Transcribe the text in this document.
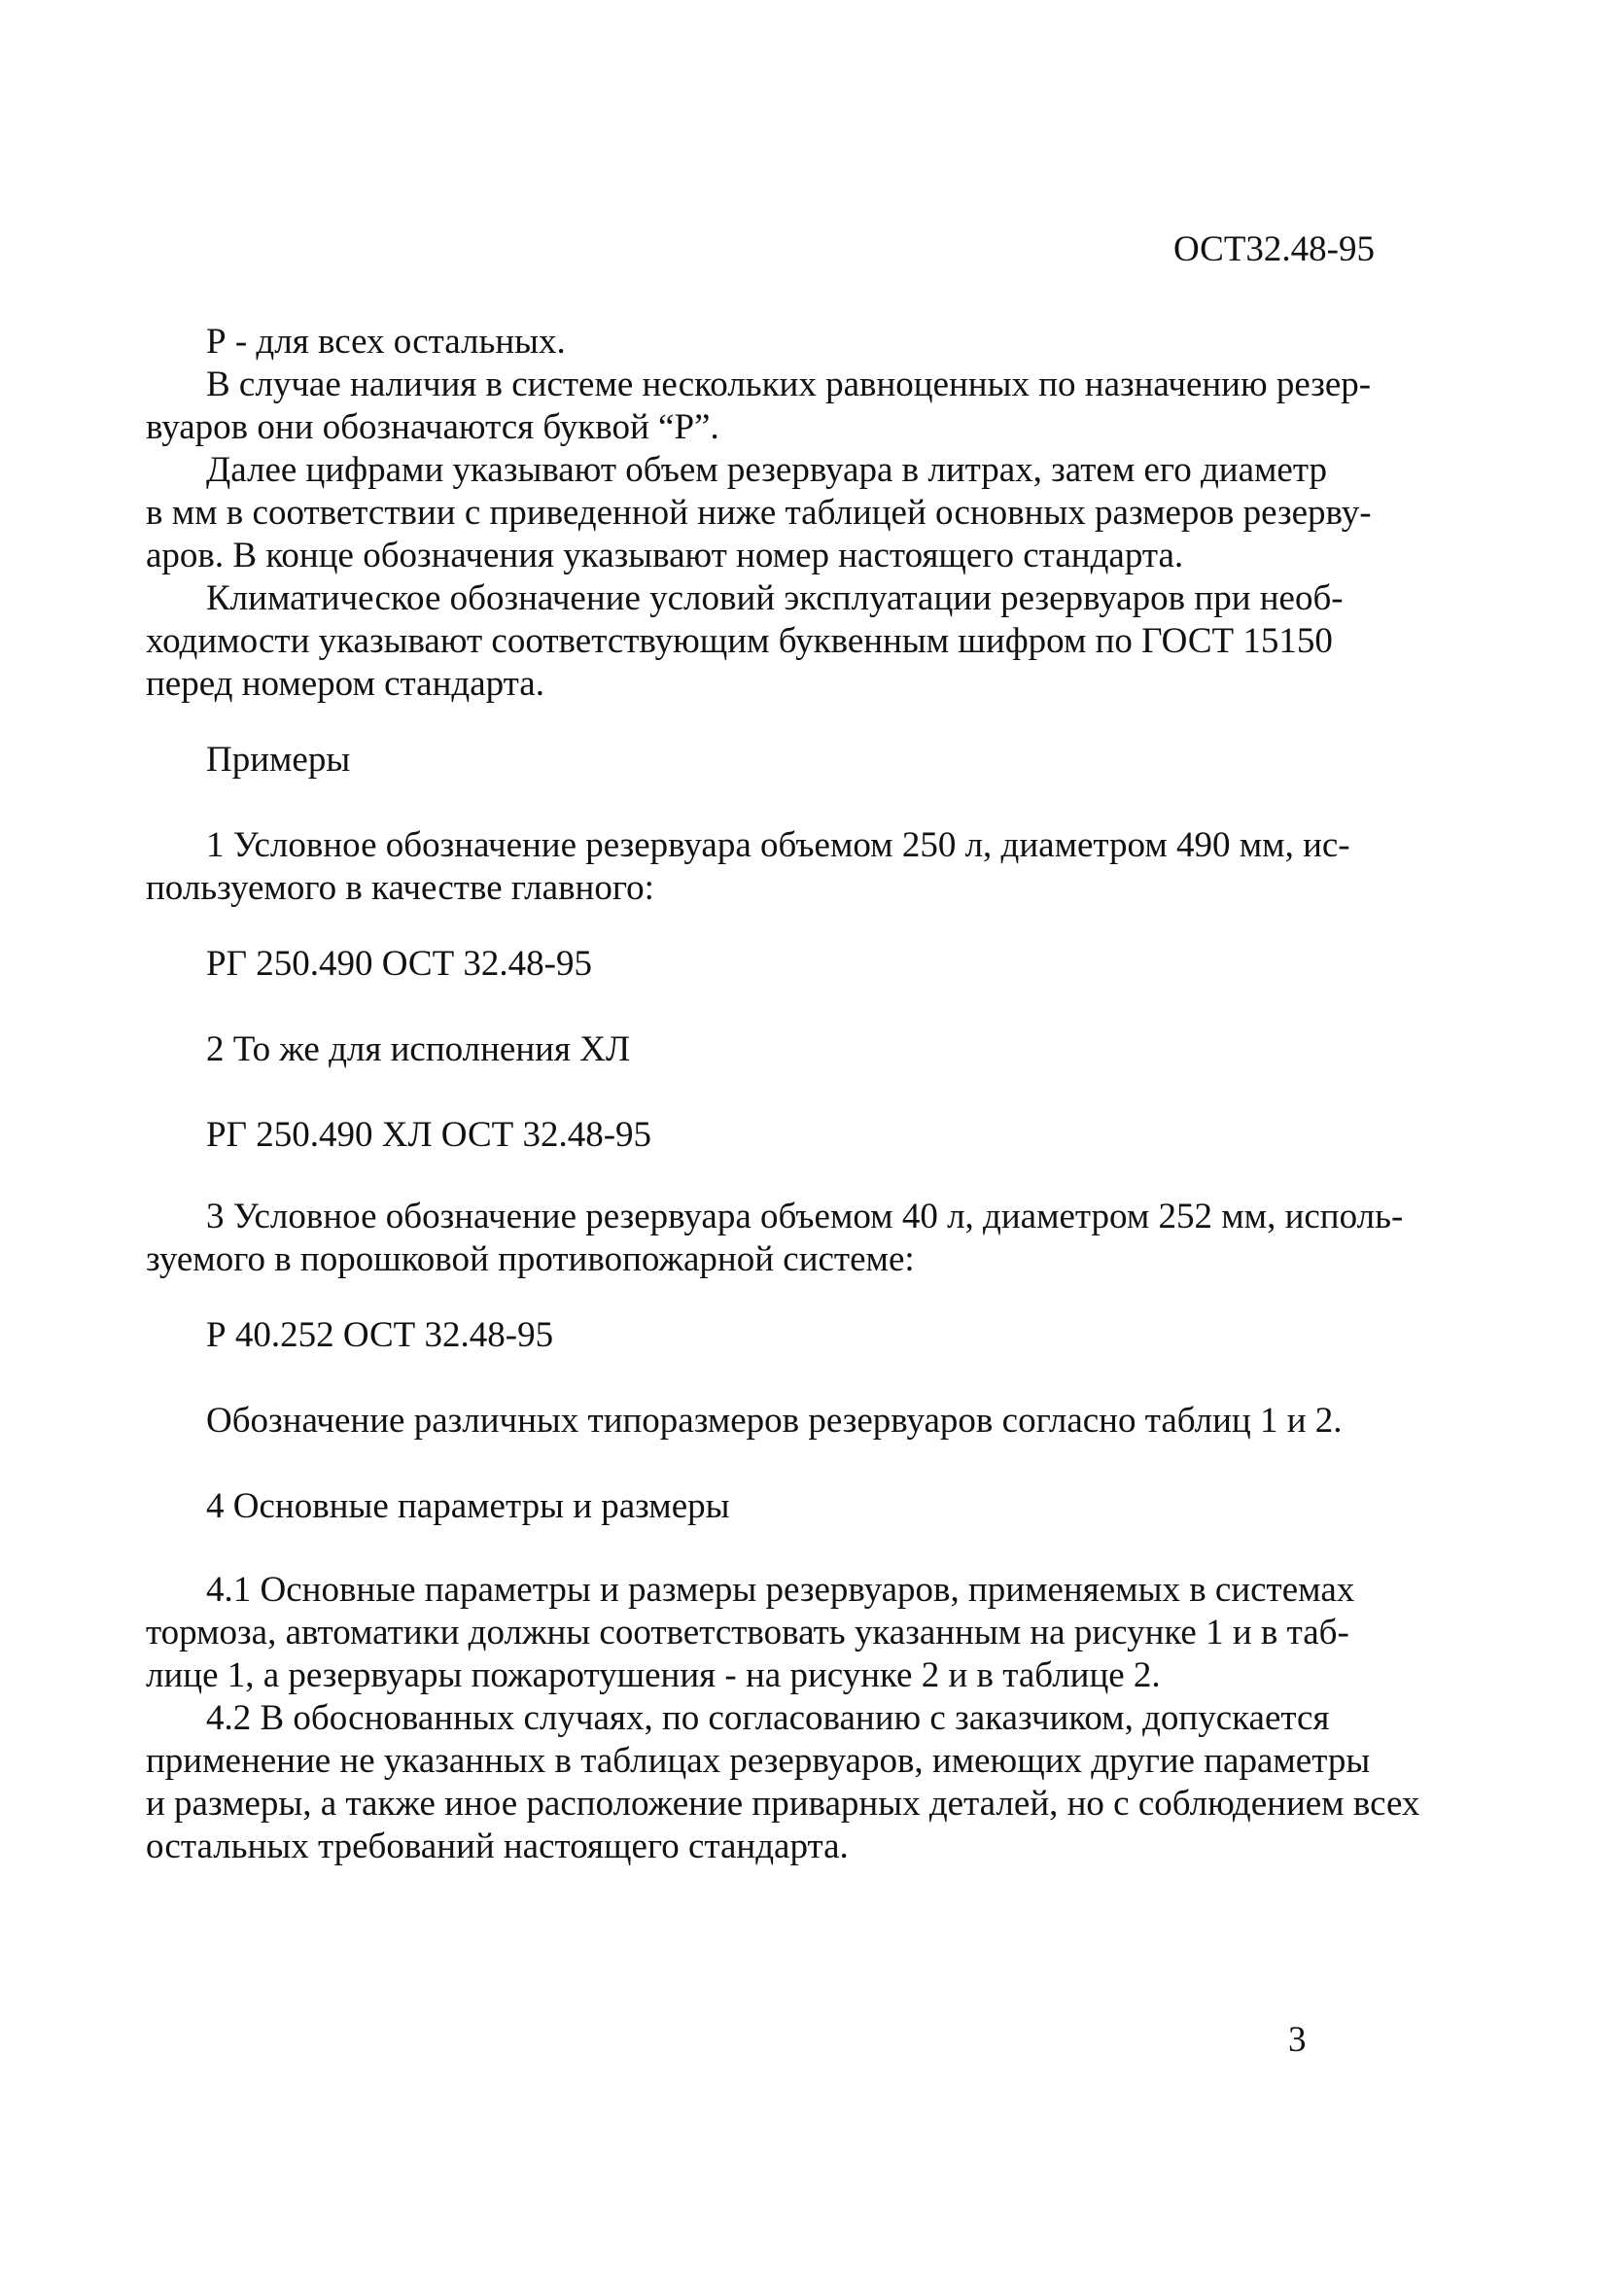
ОСТ32.48-95
Р - для всех остальных.
В случае наличия в системе нескольких равноценных по назначению резер-
вуаров они обозначаются буквой “Р”.
Далее цифрами указывают объем резервуара в литрах, затем его диаметр
в мм в соответствии с приведенной ниже таблицей основных размеров резерву-
аров. В конце обозначения указывают номер настоящего стандарта.
Климатическое обозначение условий эксплуатации резервуаров при необ-
ходимости указывают соответствующим буквенным шифром по ГОСТ 15150
перед номером стандарта.
Примеры
1 Условное обозначение резервуара объемом 250 л, диаметром 490 мм, ис-
пользуемого в качестве главного:
РГ 250.490 ОСТ 32.48-95
2 То же для исполнения ХЛ
РГ 250.490 ХЛ ОСТ 32.48-95
3 Условное обозначение резервуара объемом 40 л, диаметром 252 мм, исполь-
зуемого в порошковой противопожарной системе:
Р 40.252 ОСТ 32.48-95
Обозначение различных типоразмеров резервуаров согласно таблиц 1 и 2.
4 Основные параметры и размеры
4.1 Основные параметры и размеры резервуаров, применяемых в системах
тормоза, автоматики должны соответствовать указанным на рисунке 1 и в таб-
лице 1, а резервуары пожаротушения - на рисунке 2 и в таблице 2.
4.2 В обоснованных случаях, по согласованию с заказчиком, допускается
применение не указанных в таблицах резервуаров, имеющих другие параметры
и размеры, а также иное расположение приварных деталей, но с соблюдением всех
остальных требований настоящего стандарта.
3
